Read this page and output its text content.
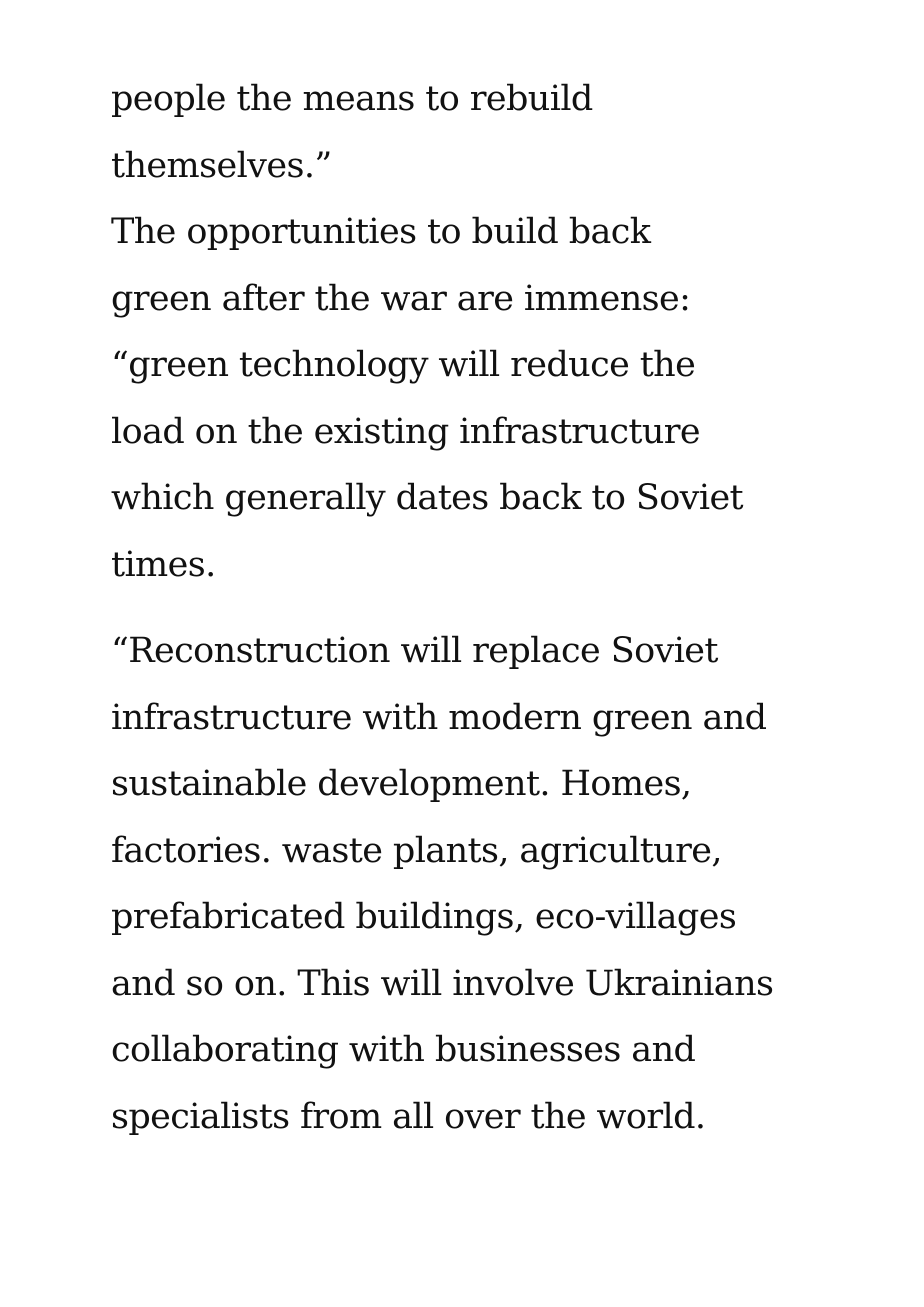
people the means to rebuild
themselves.”
The opportunities to build back
green after the war are immense:
“green technology will reduce the
load on the existing infrastructure
which generally dates back to Soviet
times.
“Reconstruction will replace Soviet
infrastructure with modern green and
sustainable development. Homes,
factories. waste plants, agriculture,
prefabricated buildings, eco-villages
and so on. This will involve Ukrainians
collaborating with businesses and
specialists from all over the world.
